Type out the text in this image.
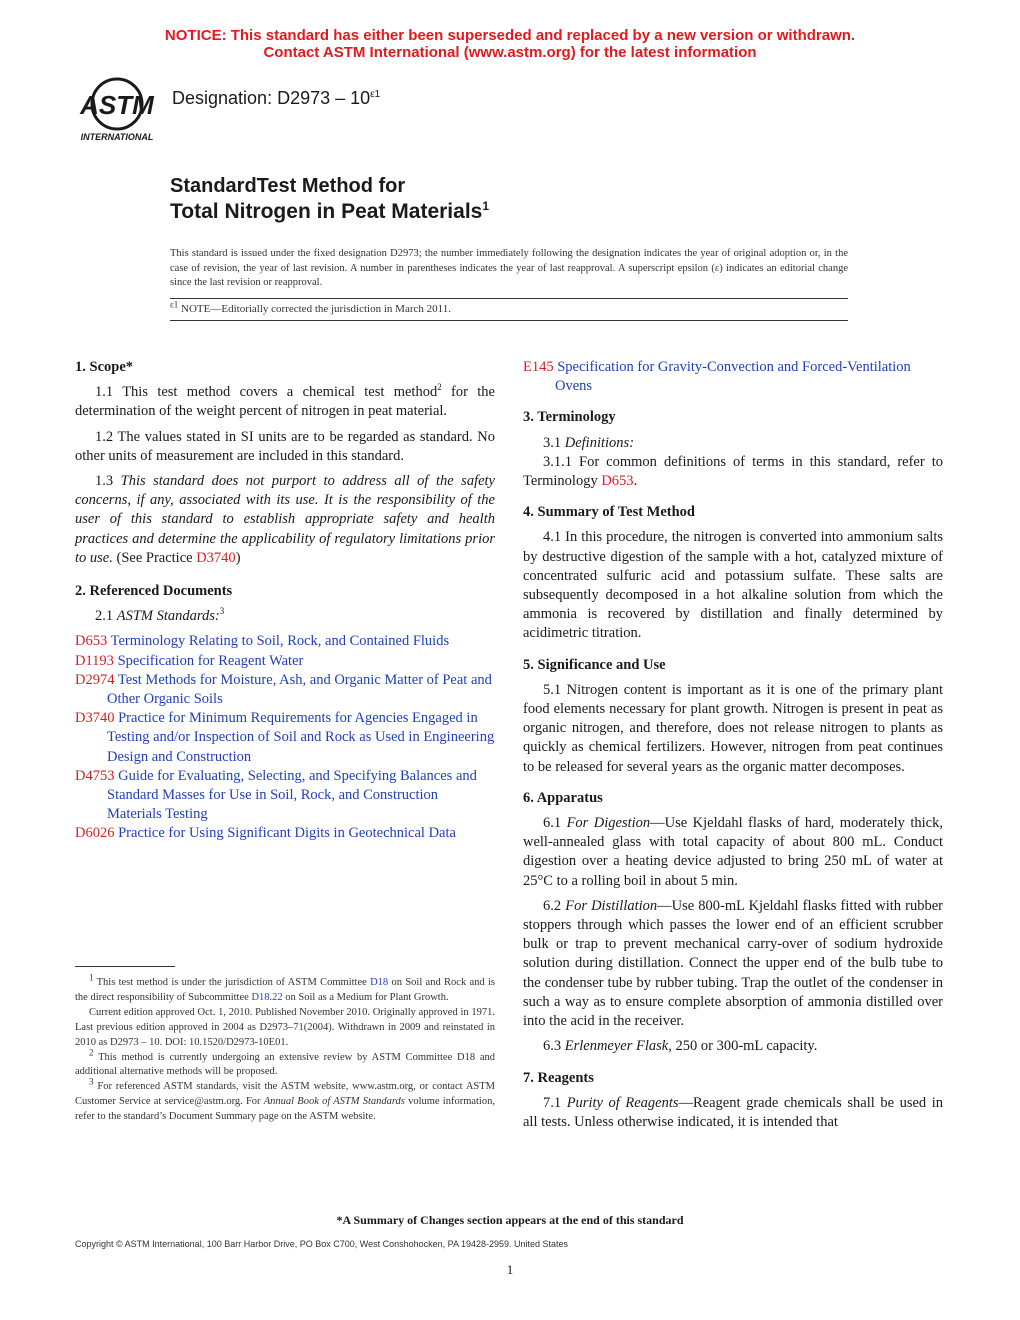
NOTICE: This standard has either been superseded and replaced by a new version or withdrawn.
Contact ASTM International (www.astm.org) for the latest information
ASTM
INTERNATIONAL
Designation: $D2973 - 10^{\varepsilon 1}$
StandardTest Method for
Total Nitrogen in Peat Materials$^1$
This standard is issued under the fixed designation D2973; the number immediately following the designation indicates the year of original adoption or, in the case of revision, the year of last revision. A number in parentheses indicates the year of last reapproval. A superscript epsilon (ε) indicates an editorial change since the last revision or reapproval.
$^{\varepsilon 1}$ NOTE—Editorially corrected the jurisdiction in March 2011.
1. Scope*

1.1 This test method covers a chemical test method$^2$ for the determination of the weight percent of nitrogen in peat material.

1.2 The values stated in SI units are to be regarded as standard. No other units of measurement are included in this standard.

1.3 This standard does not purport to address all of the safety concerns, if any, associated with its use. It is the responsibility of the user of this standard to establish appropriate safety and health practices and determine the applicability of regulatory limitations prior to use. (See Practice D3740)

2. Referenced Documents

2.1 ASTM Standards:$^3$

D653 Terminology Relating to Soil, Rock, and Contained Fluids

D1193 Specification for Reagent Water

D2974 Test Methods for Moisture, Ash, and Organic Matter of Peat and Other Organic Soils

D3740 Practice for Minimum Requirements for Agencies Engaged in Testing and/or Inspection of Soil and Rock as Used in Engineering Design and Construction

D4753 Guide for Evaluating, Selecting, and Specifying Balances and Standard Masses for Use in Soil, Rock, and Construction Materials Testing

D6026 Practice for Using Significant Digits in Geotechnical Data

$^1$ This test method is under the jurisdiction of ASTM Committee D18 on Soil and Rock and is the direct responsibility of Subcommittee D18.22 on Soil as a Medium for Plant Growth.

Current edition approved Oct. 1, 2010. Published November 2010. Originally approved in 1971. Last previous edition approved in 2004 as D2973–71(2004). Withdrawn in 2009 and reinstated in 2010 as D2973 – 10. DOI: 10.1520/D2973-10E01.

$^2$ This method is currently undergoing an extensive review by ASTM Committee D18 and additional alternative methods will be proposed.

$^3$ For referenced ASTM standards, visit the ASTM website, www.astm.org, or contact ASTM Customer Service at service@astm.org. For Annual Book of ASTM Standards volume information, refer to the standard’s Document Summary page on the ASTM website.

E145 Specification for Gravity-Convection and Forced-Ventilation Ovens

3. Terminology

3.1 Definitions:

3.1.1 For common definitions of terms in this standard, refer to Terminology D653.

4. Summary of Test Method

4.1 In this procedure, the nitrogen is converted into ammonium salts by destructive digestion of the sample with a hot, catalyzed mixture of concentrated sulfuric acid and potassium sulfate. These salts are subsequently decomposed in a hot alkaline solution from which the ammonia is recovered by distillation and finally determined by acidimetric titration.

5. Significance and Use

5.1 Nitrogen content is important as it is one of the primary plant food elements necessary for plant growth. Nitrogen is present in peat as organic nitrogen, and therefore, does not release nitrogen to plants as quickly as chemical fertilizers. However, nitrogen from peat continues to be released for several years as the organic matter decomposes.

6. Apparatus

6.1 For Digestion—Use Kjeldahl flasks of hard, moderately thick, well-annealed glass with total capacity of about 800 mL. Conduct digestion over a heating device adjusted to bring 250 mL of water at 25°C to a rolling boil in about 5 min.

6.2 For Distillation—Use 800-mL Kjeldahl flasks fitted with rubber stoppers through which passes the lower end of an efficient scrubber bulk or trap to prevent mechanical carry-over of sodium hydroxide solution during distillation. Connect the upper end of the bulb tube to the condenser tube by rubber tubing. Trap the outlet of the condenser in such a way as to ensure complete absorption of ammonia distilled over into the acid in the receiver.

6.3 Erlenmeyer Flask, 250 or 300-mL capacity.

7. Reagents

7.1 Purity of Reagents—Reagent grade chemicals shall be used in all tests. Unless otherwise indicated, it is intended that

*A Summary of Changes section appears at the end of this standard
Copyright © ASTM International, 100 Barr Harbor Drive, PO Box C700, West Conshohocken, PA 19428-2959. United States
1
